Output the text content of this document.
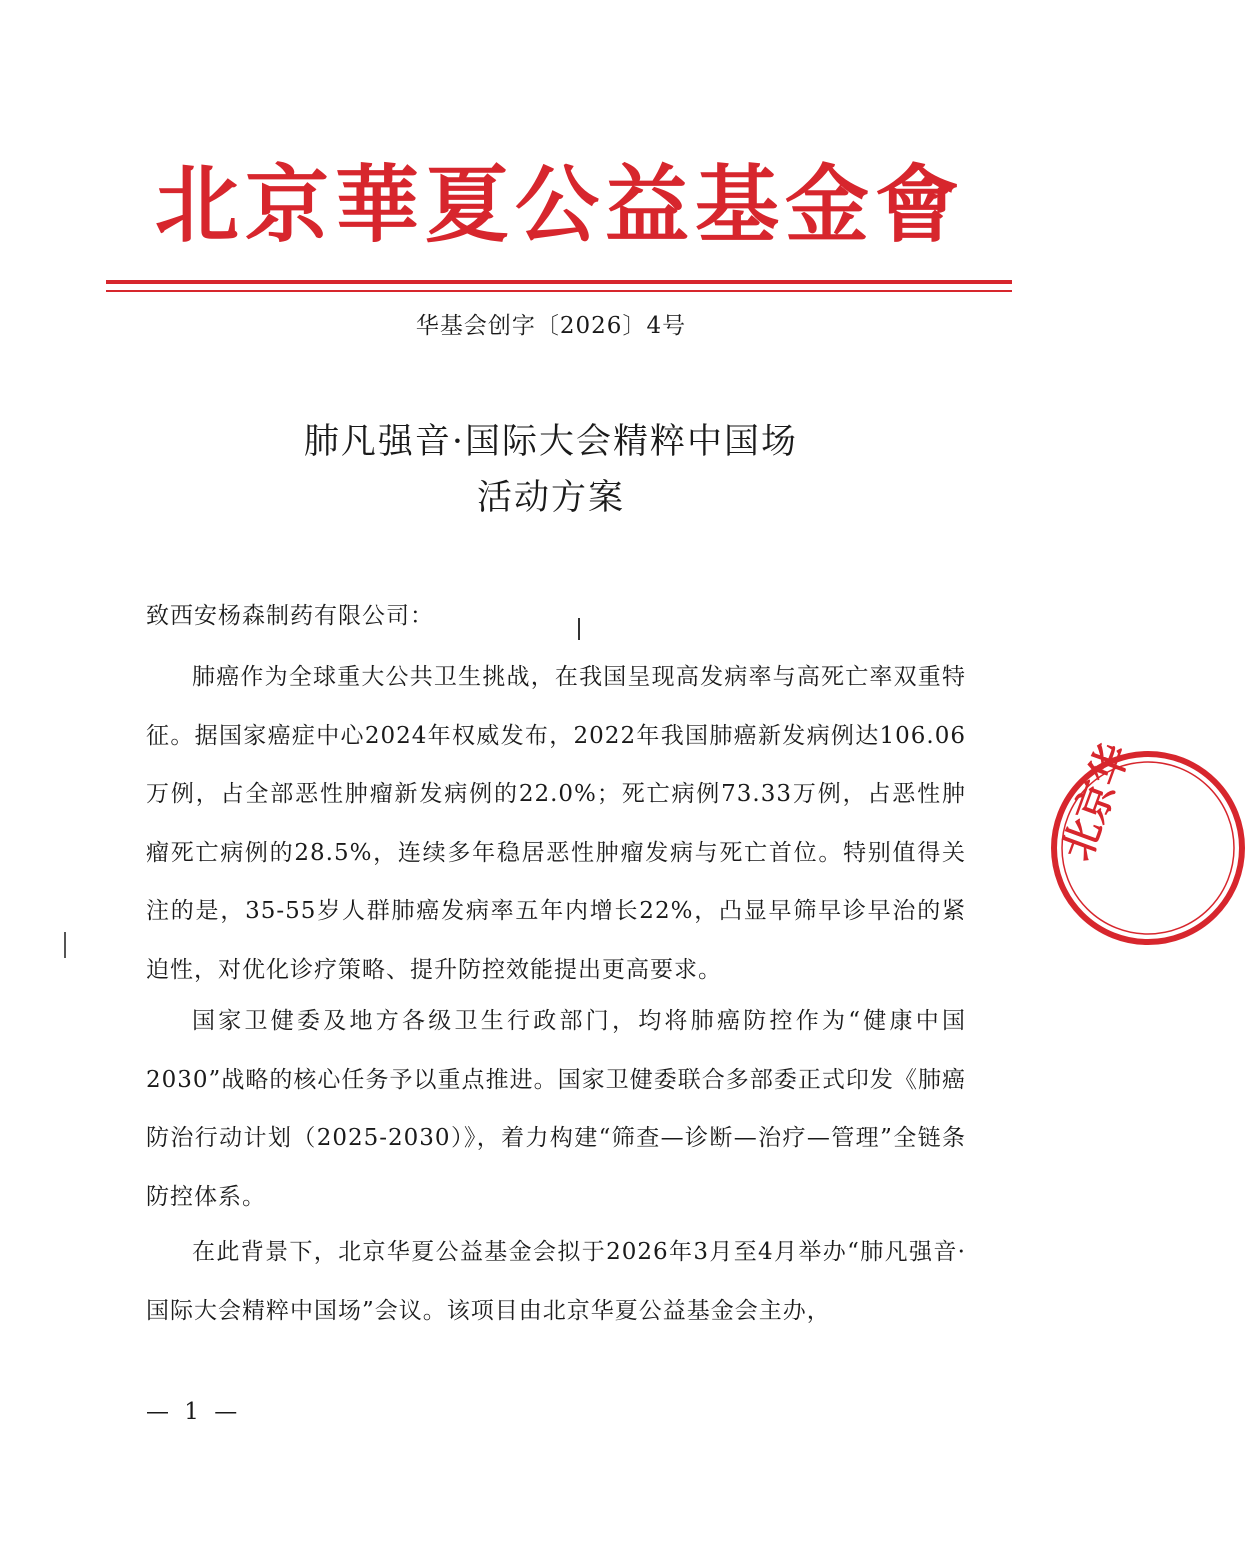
北京華夏公益基金會
华基会创字〔2026〕4号
肺凡强音·国际大会精粹中国场
活动方案
致西安杨森制药有限公司：

肺癌作为全球重大公共卫生挑战，在我国呈现高发病率与高死亡率双重特征。据国家癌症中心2024年权威发布，2022年我国肺癌新发病例达106.06万例，占全部恶性肿瘤新发病例的22.0%；死亡病例73.33万例，占恶性肿瘤死亡病例的28.5%，连续多年稳居恶性肿瘤发病与死亡首位。特别值得关注的是，35-55岁人群肺癌发病率五年内增长22%，凸显早筛早诊早治的紧迫性，对优化诊疗策略、提升防控效能提出更高要求。

国家卫健委及地方各级卫生行政部门，均将肺癌防控作为“健康中国2030”战略的核心任务予以重点推进。国家卫健委联合多部委正式印发《肺癌防治行动计划（2025-2030）》，着力构建“筛查—诊断—治疗—管理”全链条防控体系。

在此背景下，北京华夏公益基金会拟于2026年3月至4月举办“肺凡强音·国际大会精粹中国场”会议。该项目由北京华夏公益基金会主办，

— 1 —
北京华
